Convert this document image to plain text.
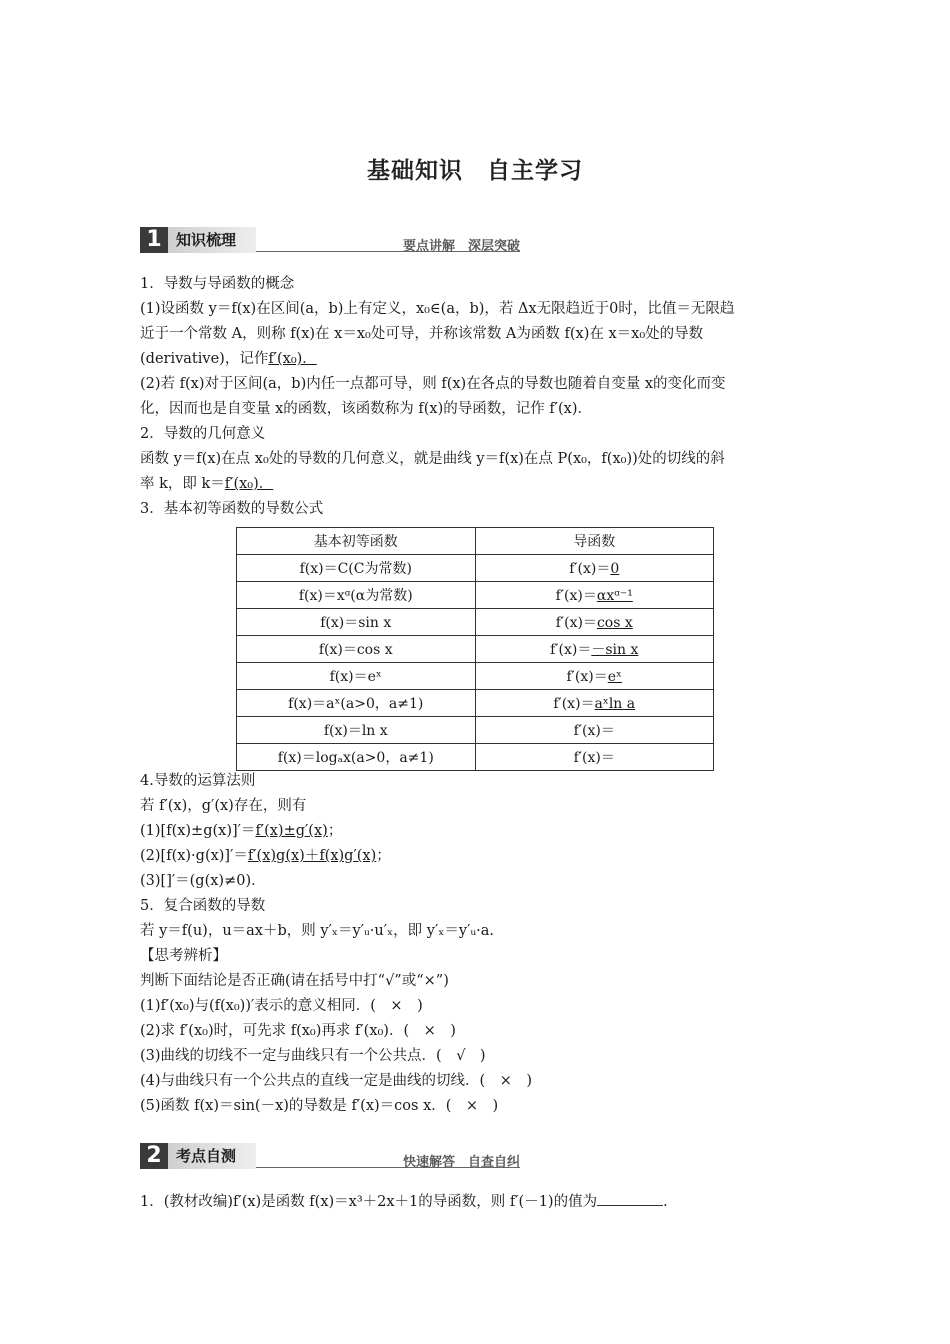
基础知识　自主学习
1 知识梳理	要点讲解　深层突破
1．导数与导函数的概念
(1)设函数 y＝f(x)在区间(a，b)上有定义，x₀∈(a，b)，若 Δx无限趋近于0时，比值＝无限趋
近于一个常数 A，则称 f(x)在 x＝x₀处可导，并称该常数 A为函数 f(x)在 x＝x₀处的导数
(derivative)，记作f′(x₀)．
(2)若 f(x)对于区间(a，b)内任一点都可导，则 f(x)在各点的导数也随着自变量 x的变化而变
化，因而也是自变量 x的函数，该函数称为 f(x)的导函数，记作 f′(x)．
2．导数的几何意义
函数 y＝f(x)在点 x₀处的导数的几何意义，就是曲线 y＝f(x)在点 P(x₀，f(x₀))处的切线的斜
率 k，即 k＝f′(x₀)．
3．基本初等函数的导数公式
基本初等函数	导函数
f(x)＝C(C为常数)	f′(x)＝0
f(x)＝xᵅ(α为常数)	f′(x)＝αxᵅ⁻¹
f(x)＝sin x	f′(x)＝cos x
f(x)＝cos x	f′(x)＝－sin x
f(x)＝eˣ	f′(x)＝eˣ
f(x)＝aˣ(a>0，a≠1)	f′(x)＝aˣln a
f(x)＝ln x	f′(x)＝
f(x)＝logₐx(a>0，a≠1)	f′(x)＝
4.导数的运算法则
若 f′(x)，g′(x)存在，则有
(1)[f(x)±g(x)]′＝f′(x)±g′(x)；
(2)[f(x)·g(x)]′＝f′(x)g(x)＋f(x)g′(x)；
(3)[]′＝(g(x)≠0)．
5．复合函数的导数
若 y＝f(u)，u＝ax＋b，则 y′ₓ＝y′ᵤ·u′ₓ，即 y′ₓ＝y′ᵤ·a.
【思考辨析】
判断下面结论是否正确(请在括号中打“√”或“×”)
(1)f′(x₀)与(f(x₀))′表示的意义相同．(　×　)
(2)求 f′(x₀)时，可先求 f(x₀)再求 f′(x₀)．(　×　)
(3)曲线的切线不一定与曲线只有一个公共点．(　√　)
(4)与曲线只有一个公共点的直线一定是曲线的切线．(　×　)
(5)函数 f(x)＝sin(－x)的导数是 f′(x)＝cos x．(　×　)
2 考点自测	快速解答　自查自纠
1．(教材改编)f′(x)是函数 f(x)＝x³＋2x＋1的导函数，则 f′(－1)的值为	.
